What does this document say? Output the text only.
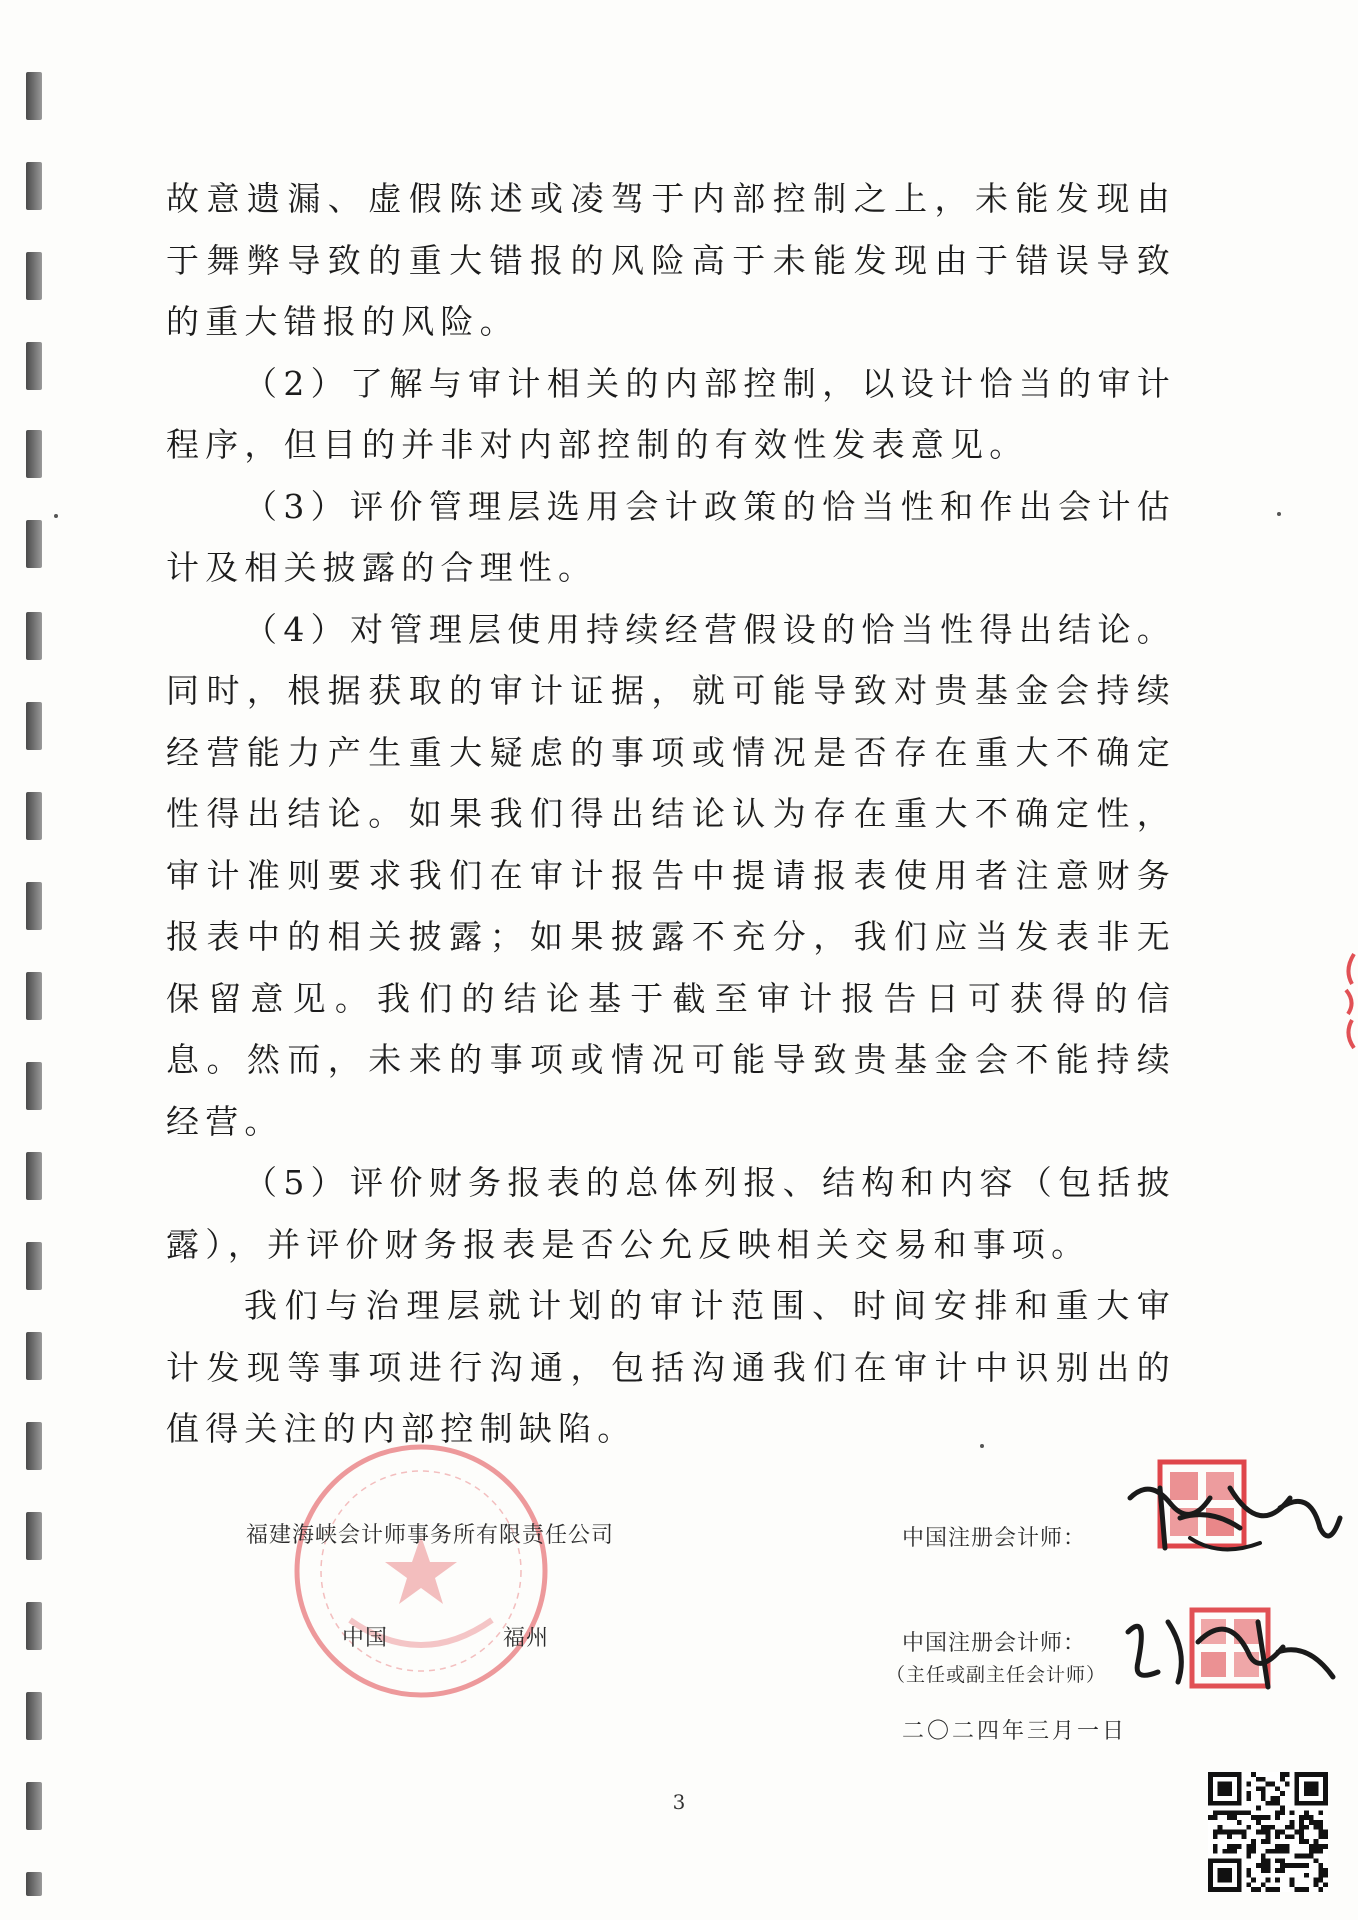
故意遗漏、虚假陈述或凌驾于内部控制之上，未能发现由于舞弊导致的重大错报的风险高于未能发现由于错误导致的重大错报的风险。

（2）了解与审计相关的内部控制，以设计恰当的审计程序，但目的并非对内部控制的有效性发表意见。

（3）评价管理层选用会计政策的恰当性和作出会计估计及相关披露的合理性。

（4）对管理层使用持续经营假设的恰当性得出结论。同时，根据获取的审计证据，就可能导致对贵基金会持续经营能力产生重大疑虑的事项或情况是否存在重大不确定性得出结论。如果我们得出结论认为存在重大不确定性，审计准则要求我们在审计报告中提请报表使用者注意财务报表中的相关披露；如果披露不充分，我们应当发表非无保留意见。我们的结论基于截至审计报告日可获得的信息。然而，未来的事项或情况可能导致贵基金会不能持续经营。

（5）评价财务报表的总体列报、结构和内容（包括披露），并评价财务报表是否公允反映相关交易和事项。

我们与治理层就计划的审计范围、时间安排和重大审计发现等事项进行沟通，包括沟通我们在审计中识别出的值得关注的内部控制缺陷。

福建海峡会计师事务所有限责任公司
中国	福州
中国注册会计师：
中国注册会计师：
（主任或副主任会计师）
二〇二四年三月一日
3
